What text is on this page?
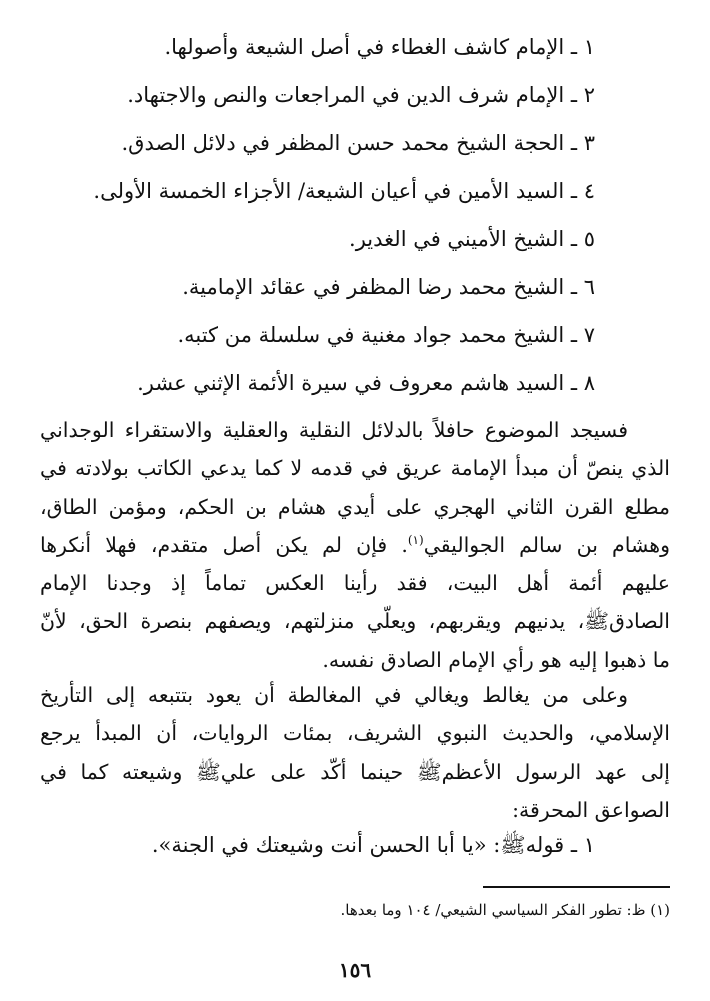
١ ـ الإمام كاشف الغطاء في أصل الشيعة وأصولها.
٢ ـ الإمام شرف الدين في المراجعات والنص والاجتهاد.
٣ ـ الحجة الشيخ محمد حسن المظفر في دلائل الصدق.
٤ ـ السيد الأمين في أعيان الشيعة/ الأجزاء الخمسة الأولى.
٥ ـ الشيخ الأميني في الغدير.
٦ ـ الشيخ محمد رضا المظفر في عقائد الإمامية.
٧ ـ الشيخ محمد جواد مغنية في سلسلة من كتبه.
٨ ـ السيد هاشم معروف في سيرة الأئمة الإثني عشر.
فسيجد الموضوع حافلاً بالدلائل النقلية والعقلية والاستقراء الوجداني
الذي ينصّ أن مبدأ الإمامة عريق في قدمه لا كما يدعي الكاتب بولادته في
مطلع القرن الثاني الهجري على أيدي هشام بن الحكم، ومؤمن الطاق،
وهشام بن سالم الجواليقي$^{(١)}$. فإن لم يكن أصل متقدم، فهلا أنكرها
عليهم أئمة أهل البيت، فقد رأينا العكس تماماً إذ وجدنا الإمام
الصادقﷺ، يدنيهم ويقربهم، ويعلّي منزلتهم، ويصفهم بنصرة الحق، لأنّ
ما ذهبوا إليه هو رأي الإمام الصادق نفسه.
وعلى من يغالط ويغالي في المغالطة أن يعود بتتبعه إلى التأريخ
الإسلامي، والحديث النبوي الشريف، بمئات الروايات، أن المبدأ يرجع
إلى عهد الرسول الأعظمﷺ حينما أكّد على عليﷺ وشيعته كما في
الصواعق المحرقة:
١ ـ قولهﷺ: «يا أبا الحسن أنت وشيعتك في الجنة».
(١) ظ: تطور الفكر السياسي الشيعي/ ١٠٤ وما بعدها.
١٥٦
